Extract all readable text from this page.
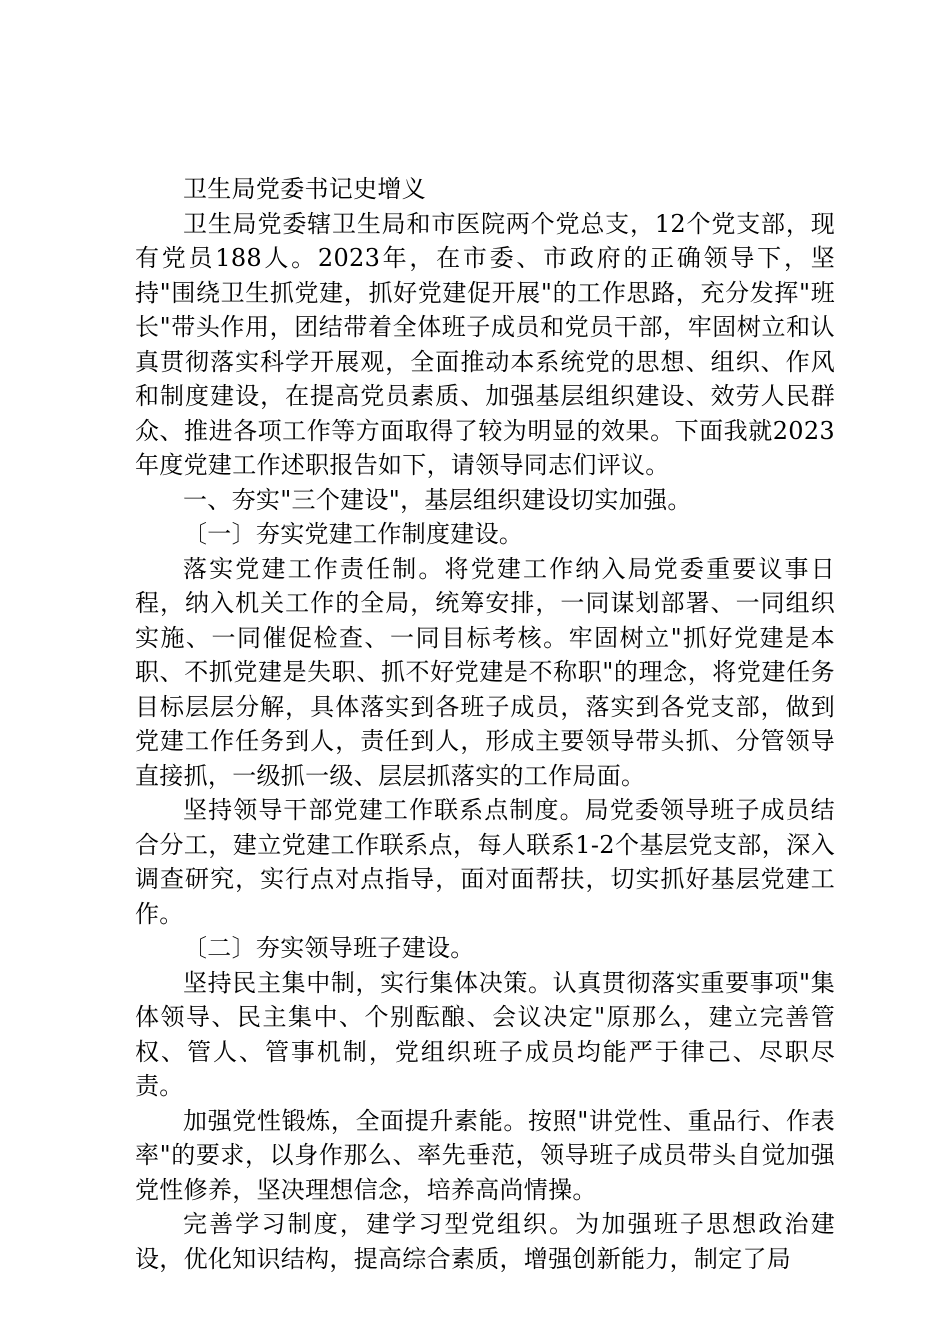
卫生局党委书记史增义

卫生局党委辖卫生局和市医院两个党总支，12个党支部，现有党员188人。2023年，在市委、市政府的正确领导下，坚持"围绕卫生抓党建，抓好党建促开展"的工作思路，充分发挥"班长"带头作用，团结带着全体班子成员和党员干部，牢固树立和认真贯彻落实科学开展观，全面推动本系统党的思想、组织、作风和制度建设，在提高党员素质、加强基层组织建设、效劳人民群众、推进各项工作等方面取得了较为明显的效果。下面我就2023年度党建工作述职报告如下，请领导同志们评议。

一、夯实"三个建设"，基层组织建设切实加强。

〔一〕夯实党建工作制度建设。

落实党建工作责任制。将党建工作纳入局党委重要议事日程，纳入机关工作的全局，统筹安排，一同谋划部署、一同组织实施、一同催促检查、一同目标考核。牢固树立"抓好党建是本职、不抓党建是失职、抓不好党建是不称职"的理念，将党建任务目标层层分解，具体落实到各班子成员，落实到各党支部，做到党建工作任务到人，责任到人，形成主要领导带头抓、分管领导直接抓，一级抓一级、层层抓落实的工作局面。

坚持领导干部党建工作联系点制度。局党委领导班子成员结合分工，建立党建工作联系点，每人联系1-2个基层党支部，深入调查研究，实行点对点指导，面对面帮扶，切实抓好基层党建工作。

〔二〕夯实领导班子建设。

坚持民主集中制，实行集体决策。认真贯彻落实重要事项"集体领导、民主集中、个别酝酿、会议决定"原那么，建立完善管权、管人、管事机制，党组织班子成员均能严于律己、尽职尽责。

加强党性锻炼，全面提升素能。按照"讲党性、重品行、作表率"的要求，以身作那么、率先垂范，领导班子成员带头自觉加强党性修养，坚决理想信念，培养高尚情操。

完善学习制度，建学习型党组织。为加强班子思想政治建设，优化知识结构，提高综合素质，增强创新能力，制定了局
